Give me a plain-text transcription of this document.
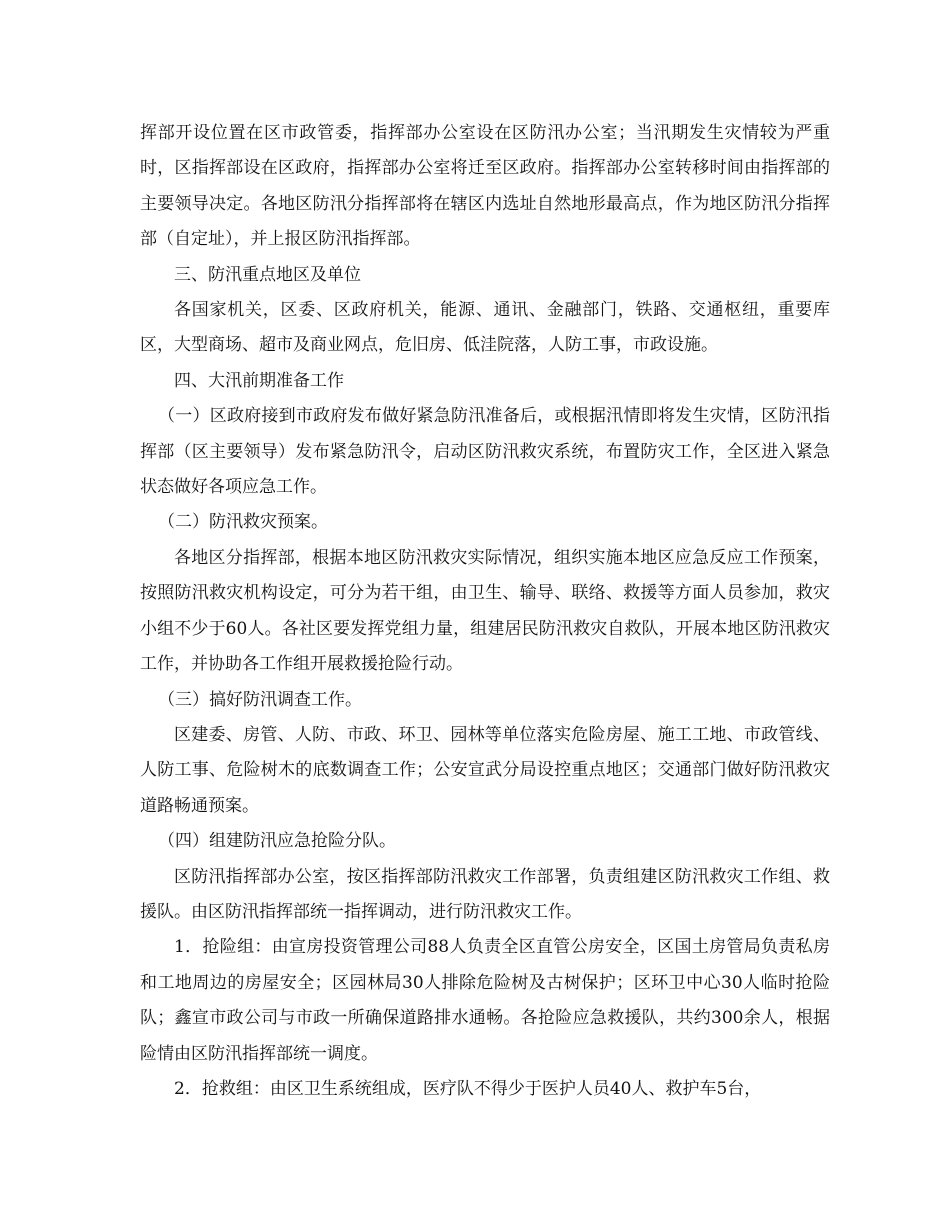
挥部开设位置在区市政管委，指挥部办公室设在区防汛办公室；当汛期发生灾情较为严重时，区指挥部设在区政府，指挥部办公室将迁至区政府。指挥部办公室转移时间由指挥部的主要领导决定。各地区防汛分指挥部将在辖区内选址自然地形最高点，作为地区防汛分指挥部（自定址），并上报区防汛指挥部。

三、防汛重点地区及单位

各国家机关，区委、区政府机关，能源、通讯、金融部门，铁路、交通枢纽，重要库区，大型商场、超市及商业网点，危旧房、低洼院落，人防工事，市政设施。

四、大汛前期准备工作

（一）区政府接到市政府发布做好紧急防汛准备后，或根据汛情即将发生灾情，区防汛指挥部（区主要领导）发布紧急防汛令，启动区防汛救灾系统，布置防灾工作，全区进入紧急状态做好各项应急工作。

（二）防汛救灾预案。

各地区分指挥部，根据本地区防汛救灾实际情况，组织实施本地区应急反应工作预案，按照防汛救灾机构设定，可分为若干组，由卫生、输导、联络、救援等方面人员参加，救灾小组不少于60人。各社区要发挥党组力量，组建居民防汛救灾自救队，开展本地区防汛救灾工作，并协助各工作组开展救援抢险行动。

（三）搞好防汛调查工作。

区建委、房管、人防、市政、环卫、园林等单位落实危险房屋、施工工地、市政管线、人防工事、危险树木的底数调查工作；公安宣武分局设控重点地区；交通部门做好防汛救灾道路畅通预案。

（四）组建防汛应急抢险分队。

区防汛指挥部办公室，按区指挥部防汛救灾工作部署，负责组建区防汛救灾工作组、救援队。由区防汛指挥部统一指挥调动，进行防汛救灾工作。

1．抢险组：由宣房投资管理公司88人负责全区直管公房安全，区国土房管局负责私房和工地周边的房屋安全；区园林局30人排除危险树及古树保护；区环卫中心30人临时抢险队；鑫宣市政公司与市政一所确保道路排水通畅。各抢险应急救援队，共约300余人，根据险情由区防汛指挥部统一调度。

2．抢救组：由区卫生系统组成，医疗队不得少于医护人员40人、救护车5台，
